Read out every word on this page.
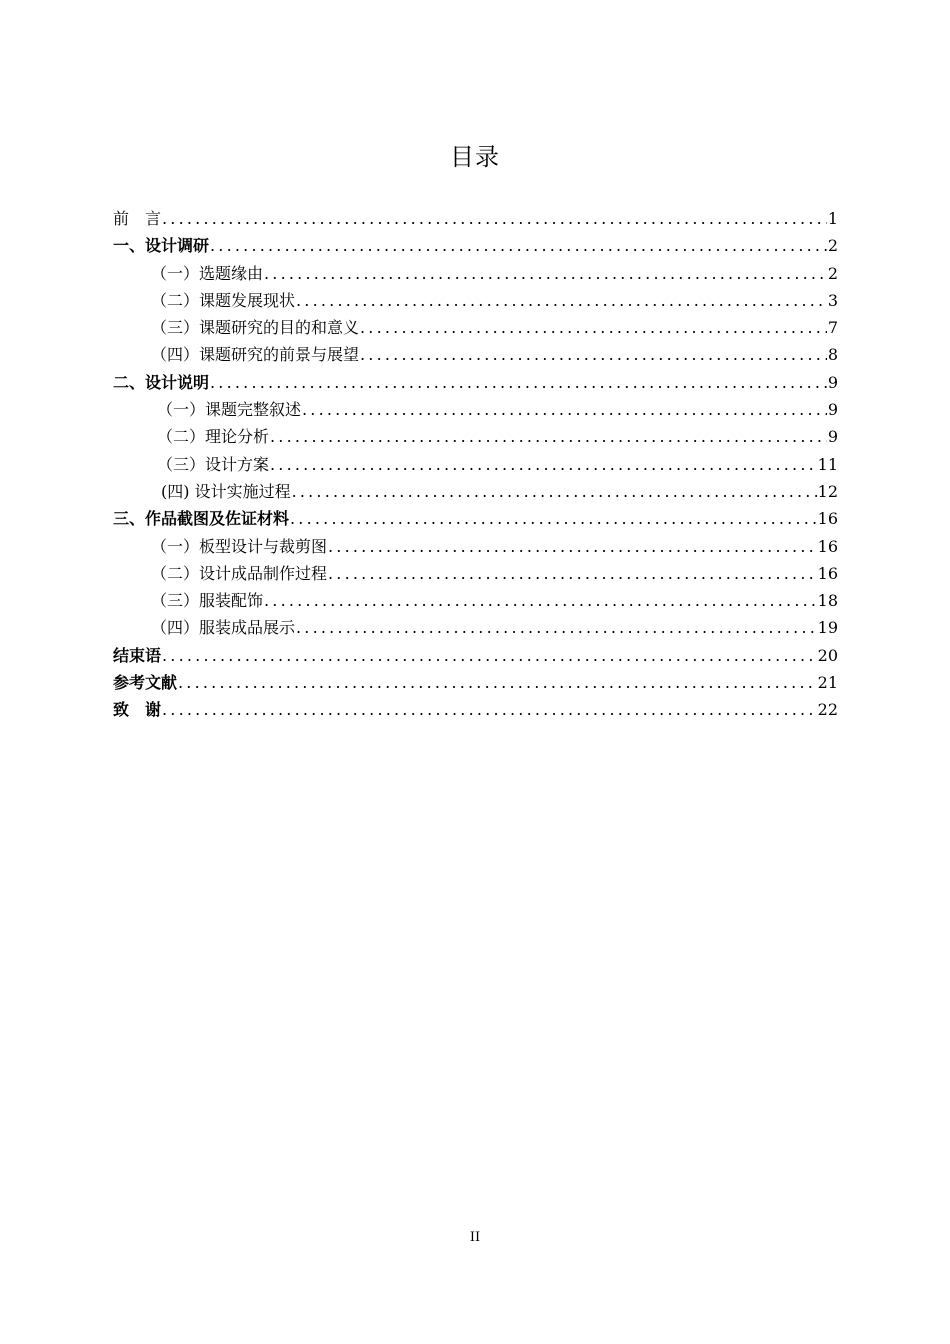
目录
前　言 .....	1
一、设计调研 .....	2
（一）选题缘由 .....	2
（二）课题发展现状 .....	3
（三）课题研究的目的和意义 .....	7
（四）课题研究的前景与展望 .....	8
二、设计说明 .....	9
（一）课题完整叙述 .....	9
（二）理论分析 .....	9
（三）设计方案 .....	11
(四) 设计实施过程 .....	12
三、作品截图及佐证材料 .....	16
（一）板型设计与裁剪图 .....	16
（二）设计成品制作过程 .....	16
（三）服装配饰 .....	18
（四）服装成品展示 .....	19
结束语 .....	20
参考文献 .....	21
致　谢 .....	22
II
